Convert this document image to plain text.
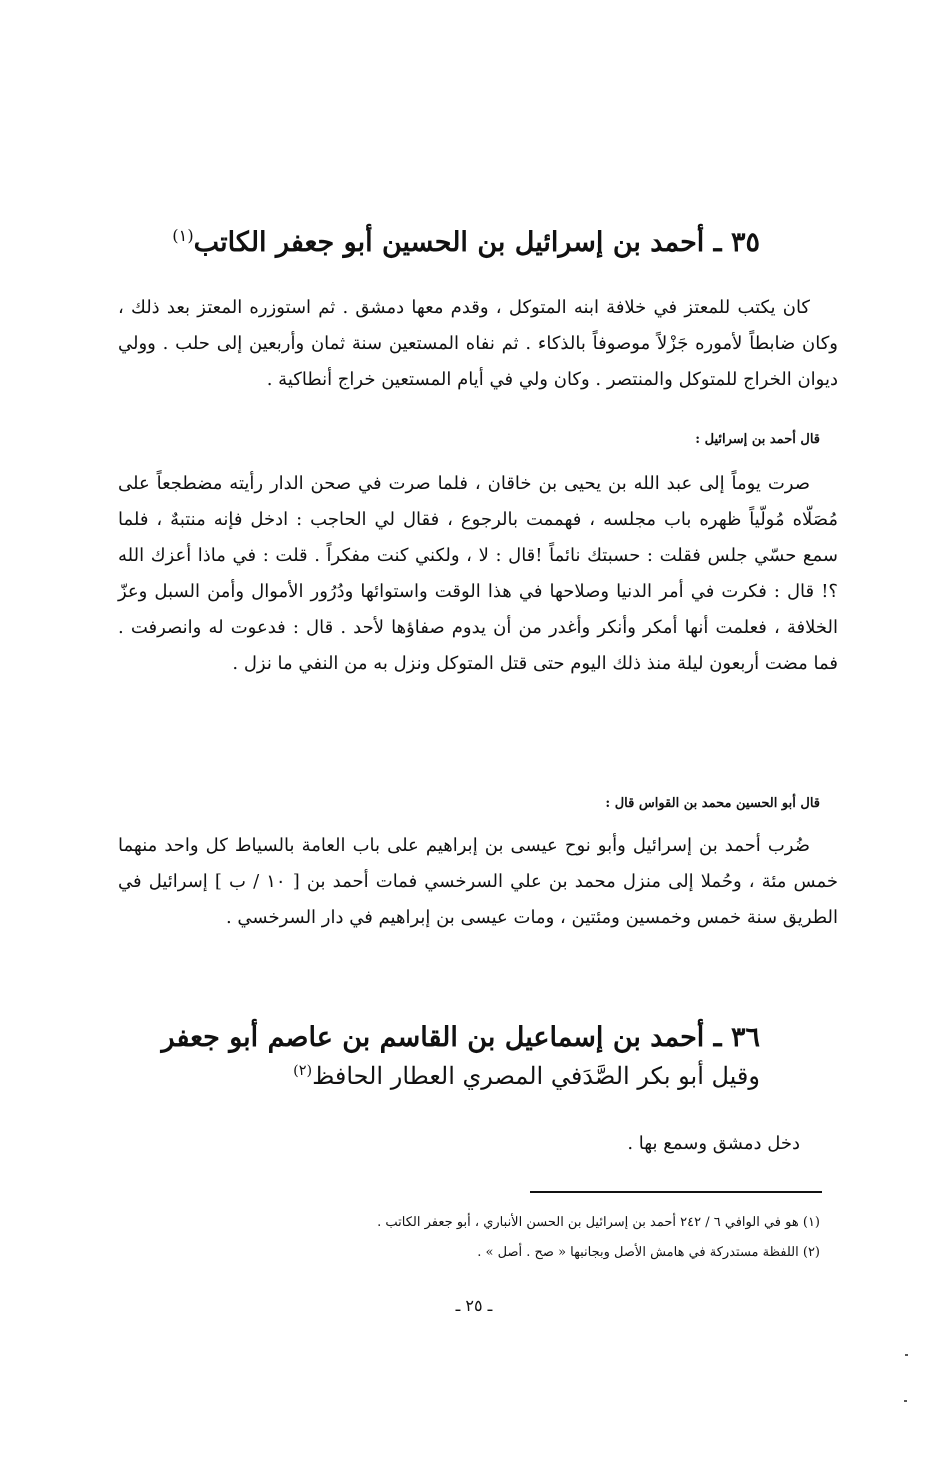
٣٥ ـ أحمد بن إسرائيل بن الحسين أبو جعفر الكاتب$^{(١)}$

كان يكتب للمعتز في خلافة ابنه المتوكل ، وقدم معها دمشق . ثم استوزره المعتز بعد ذلك ، وكان ضابطاً لأموره جَزْلاً موصوفاً بالذكاء . ثم نفاه المستعين سنة ثمان وأربعين إلى حلب . وولي ديوان الخراج للمتوكل والمنتصر . وكان ولي في أيام المستعين خراج أنطاكية .

قال أحمد بن إسرائيل :

صرت يوماً إلى عبد الله بن يحيى بن خاقان ، فلما صرت في صحن الدار رأيته مضطجعاً على مُصَلّاه مُولّياً ظهره باب مجلسه ، فهممت بالرجوع ، فقال لي الحاجب : ادخل فإنه منتبهٌ ، فلما سمع حسّي جلس فقلت : حسبتك نائماً !قال : لا ، ولكني كنت مفكراً . قلت : في ماذا أعزك الله ؟! قال : فكرت في أمر الدنيا وصلاحها في هذا الوقت واستوائها ودُرُور الأموال وأمن السبل وعزّ الخلافة ، فعلمت أنها أمكر وأنكر وأغدر من أن يدوم صفاؤها لأحد . قال : فدعوت له وانصرفت . فما مضت أربعون ليلة منذ ذلك اليوم حتى قتل المتوكل ونزل به من النفي ما نزل .

قال أبو الحسين محمد بن القواس قال :

ضُرب أحمد بن إسرائيل وأبو نوح عيسى بن إبراهيم على باب العامة بالسياط كل واحد منهما خمس مئة ، وحُملا إلى منزل محمد بن علي السرخسي فمات أحمد بن [ ١٠ / ب ] إسرائيل في الطريق سنة خمس وخمسين ومئتين ، ومات عيسى بن إبراهيم في دار السرخسي .

٣٦ ـ أحمد بن إسماعيل بن القاسم بن عاصم أبو جعفر
وقيل أبو بكر الصَّدَفي المصري العطار الحافظ$^{(٢)}$

دخل دمشق وسمع بها .

(١) هو في الوافي ٦ / ٢٤٢ أحمد بن إسرائيل بن الحسن الأنباري ، أبو جعفر الكاتب .
(٢) اللفظة مستدركة في هامش الأصل وبجانبها « صح . أصل » .
ـ ٢٥ ـ
